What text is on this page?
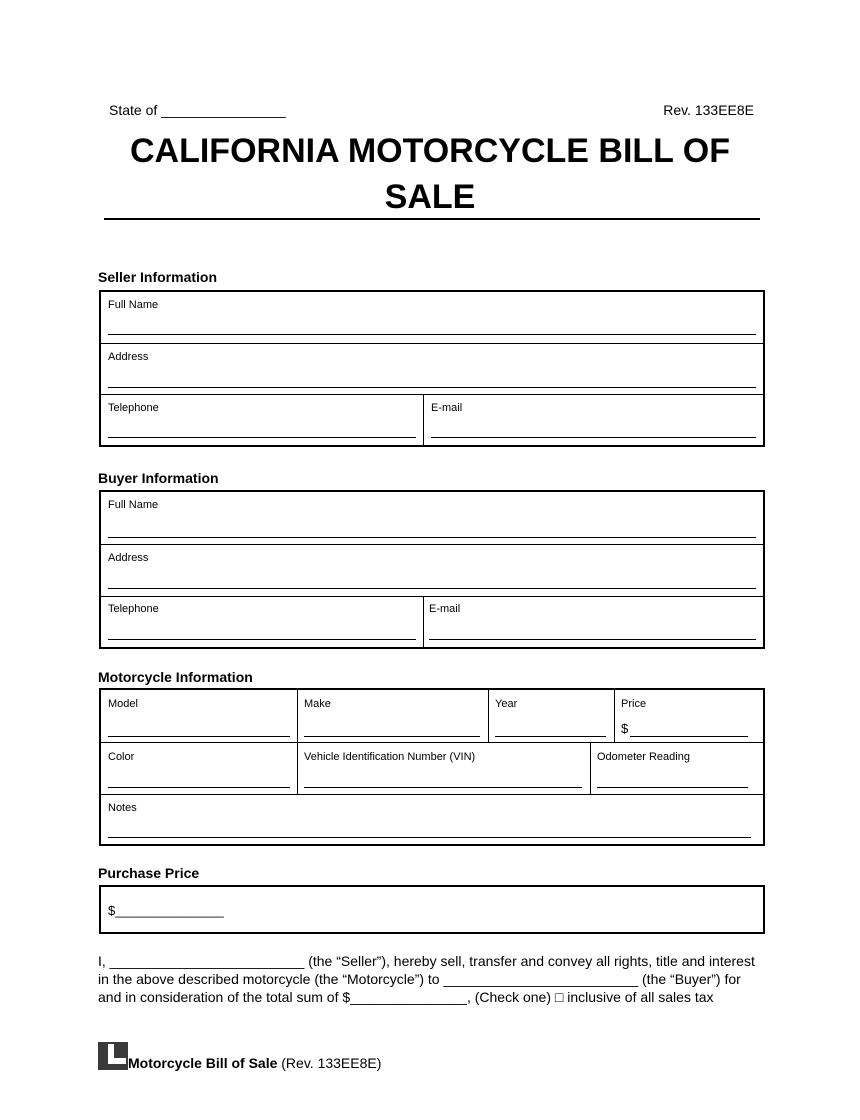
State of ________________	Rev. 133EE8E
CALIFORNIA MOTORCYCLE BILL OF
SALE
Seller Information
Full Name
Address
Telephone	E-mail
Buyer Information
Full Name
Address
Telephone	E-mail
Motorcycle Information
Model	Make	Year	Price
$
Color	Vehicle Identification Number (VIN)	Odometer Reading
Notes
Purchase Price
$_______________
I, _________________________ (the “Seller”), hereby sell, transfer and convey all rights, title and interest
in the above described motorcycle (the “Motorcycle”) to _________________________ (the “Buyer”) for
and in consideration of the total sum of $_______________, (Check one) □ inclusive of all sales tax
Motorcycle Bill of Sale (Rev. 133EE8E)
